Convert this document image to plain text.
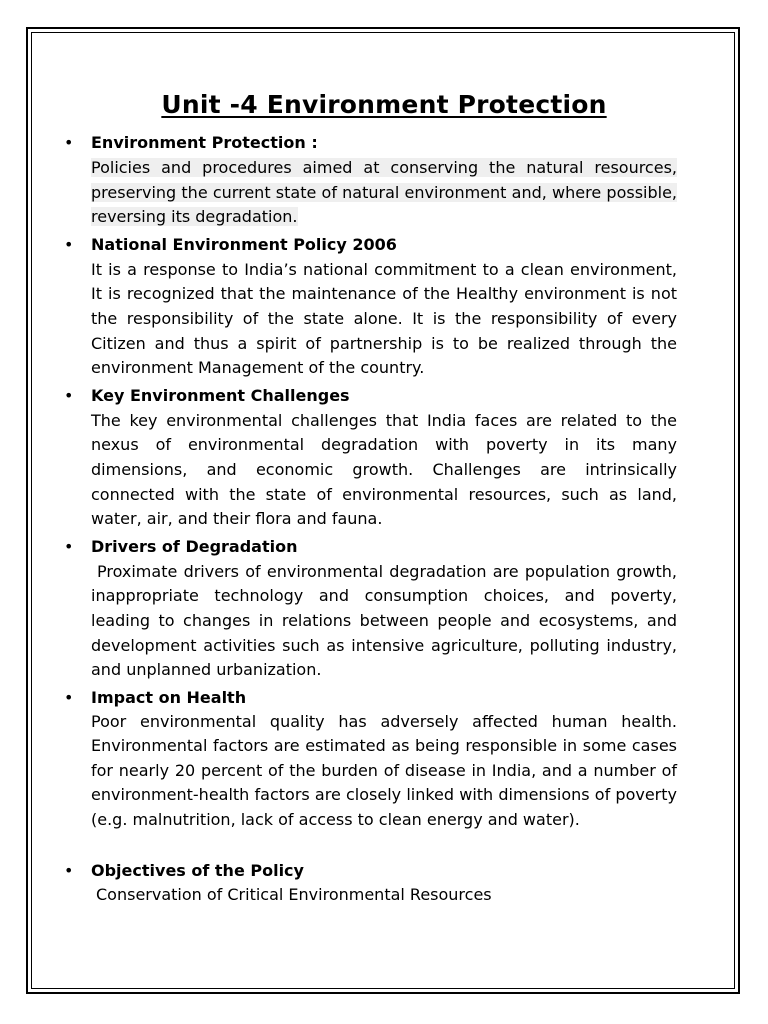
Unit -4 Environment Protection
• Environment Protection :
Policies and procedures aimed at conserving the natural resources, preserving the current state of natural environment and, where possible, reversing its degradation.
• National Environment Policy 2006
It is a response to India’s national commitment to a clean environment, It is recognized that the maintenance of the Healthy environment is not the responsibility of the state alone. It is the responsibility of every Citizen and thus a spirit of partnership is to be realized through the environment Management of the country.
• Key Environment Challenges
The key environmental challenges that India faces are related to the nexus of environmental degradation with poverty in its many dimensions, and economic growth. Challenges are intrinsically connected with the state of environmental resources, such as land, water, air, and their flora and fauna.
• Drivers of Degradation
Proximate drivers of environmental degradation are population growth, inappropriate technology and consumption choices, and poverty, leading to changes in relations between people and ecosystems, and development activities such as intensive agriculture, polluting industry, and unplanned urbanization.
• Impact on Health
Poor environmental quality has adversely affected human health. Environmental factors are estimated as being responsible in some cases for nearly 20 percent of the burden of disease in India, and a number of environment-health factors are closely linked with dimensions of poverty (e.g. malnutrition, lack of access to clean energy and water).
• Objectives of the Policy
Conservation of Critical Environmental Resources
